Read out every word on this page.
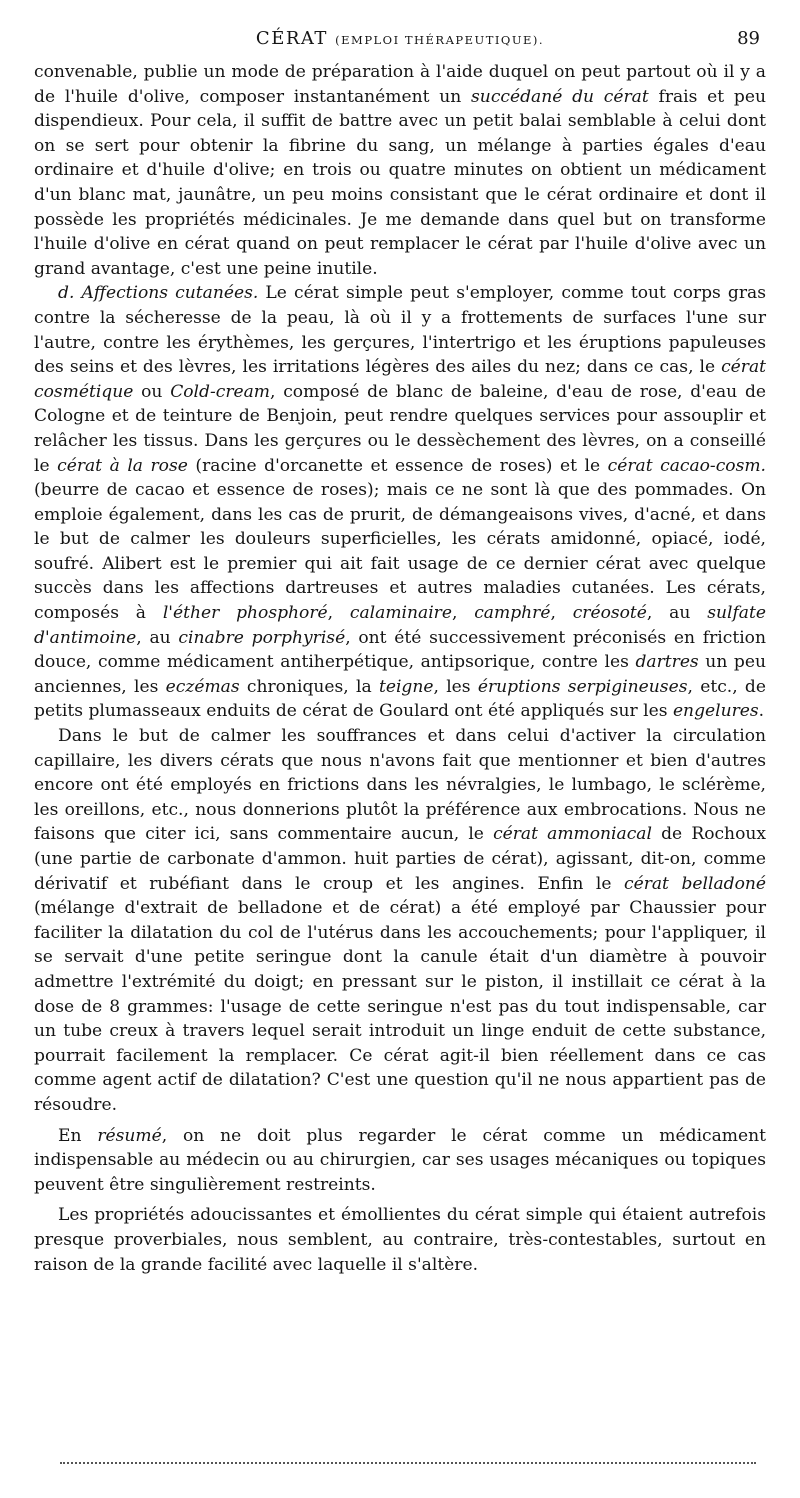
CÉRAT (EMPLOI THÉRAPEUTIQUE).	89

convenable, publie un mode de préparation à l'aide duquel on peut partout où il y a de l'huile d'olive, composer instantanément un succédané du cérat frais et peu dispendieux. Pour cela, il suffit de battre avec un petit balai semblable à celui dont on se sert pour obtenir la fibrine du sang, un mélange à parties égales d'eau ordinaire et d'huile d'olive; en trois ou quatre minutes on obtient un médicament d'un blanc mat, jaunâtre, un peu moins consistant que le cérat ordinaire et dont il possède les propriétés médicinales. Je me demande dans quel but on transforme l'huile d'olive en cérat quand on peut remplacer le cérat par l'huile d'olive avec un grand avantage, c'est une peine inutile.

d. Affections cutanées. Le cérat simple peut s'employer, comme tout corps gras contre la sécheresse de la peau, là où il y a frottements de surfaces l'une sur l'autre, contre les érythèmes, les gerçures, l'intertrigo et les éruptions papuleuses des seins et des lèvres, les irritations légères des ailes du nez; dans ce cas, le cérat cosmétique ou Cold-cream, composé de blanc de baleine, d'eau de rose, d'eau de Cologne et de teinture de Benjoin, peut rendre quelques services pour assouplir et relâcher les tissus. Dans les gerçures ou le dessèchement des lèvres, on a conseillé le cérat à la rose (racine d'orcanette et essence de roses) et le cérat cacao-cosm. (beurre de cacao et essence de roses); mais ce ne sont là que des pommades. On emploie également, dans les cas de prurit, de démangeaisons vives, d'acné, et dans le but de calmer les douleurs superficielles, les cérats amidonné, opiacé, iodé, soufré. Alibert est le premier qui ait fait usage de ce dernier cérat avec quelque succès dans les affections dartreuses et autres maladies cutanées. Les cérats, composés à l'éther phosphoré, calaminaire, camphré, créosoté, au sulfate d'antimoine, au cinabre porphyrisé, ont été successivement préconisés en friction douce, comme médicament antiherpétique, antipsorique, contre les dartres un peu anciennes, les eczémas chroniques, la teigne, les éruptions serpigineuses, etc., de petits plumasseaux enduits de cérat de Goulard ont été appliqués sur les engelures.

Dans le but de calmer les souffrances et dans celui d'activer la circulation capillaire, les divers cérats que nous n'avons fait que mentionner et bien d'autres encore ont été employés en frictions dans les névralgies, le lumbago, le sclérème, les oreillons, etc., nous donnerions plutôt la préférence aux embrocations. Nous ne faisons que citer ici, sans commentaire aucun, le cérat ammoniacal de Rochoux (une partie de carbonate d'ammon. huit parties de cérat), agissant, dit-on, comme dérivatif et rubéfiant dans le croup et les angines. Enfin le cérat belladoné (mélange d'extrait de belladone et de cérat) a été employé par Chaussier pour faciliter la dilatation du col de l'utérus dans les accouchements; pour l'appliquer, il se servait d'une petite seringue dont la canule était d'un diamètre à pouvoir admettre l'extrémité du doigt; en pressant sur le piston, il instillait ce cérat à la dose de 8 grammes: l'usage de cette seringue n'est pas du tout indispensable, car un tube creux à travers lequel serait introduit un linge enduit de cette substance, pourrait facilement la remplacer. Ce cérat agit-il bien réellement dans ce cas comme agent actif de dilatation? C'est une question qu'il ne nous appartient pas de résoudre.

En résumé, on ne doit plus regarder le cérat comme un médicament indispensable au médecin ou au chirurgien, car ses usages mécaniques ou topiques peuvent être singulièrement restreints.

Les propriétés adoucissantes et émollientes du cérat simple qui étaient autrefois presque proverbiales, nous semblent, au contraire, très-contestables, surtout en raison de la grande facilité avec laquelle il s'altère.
